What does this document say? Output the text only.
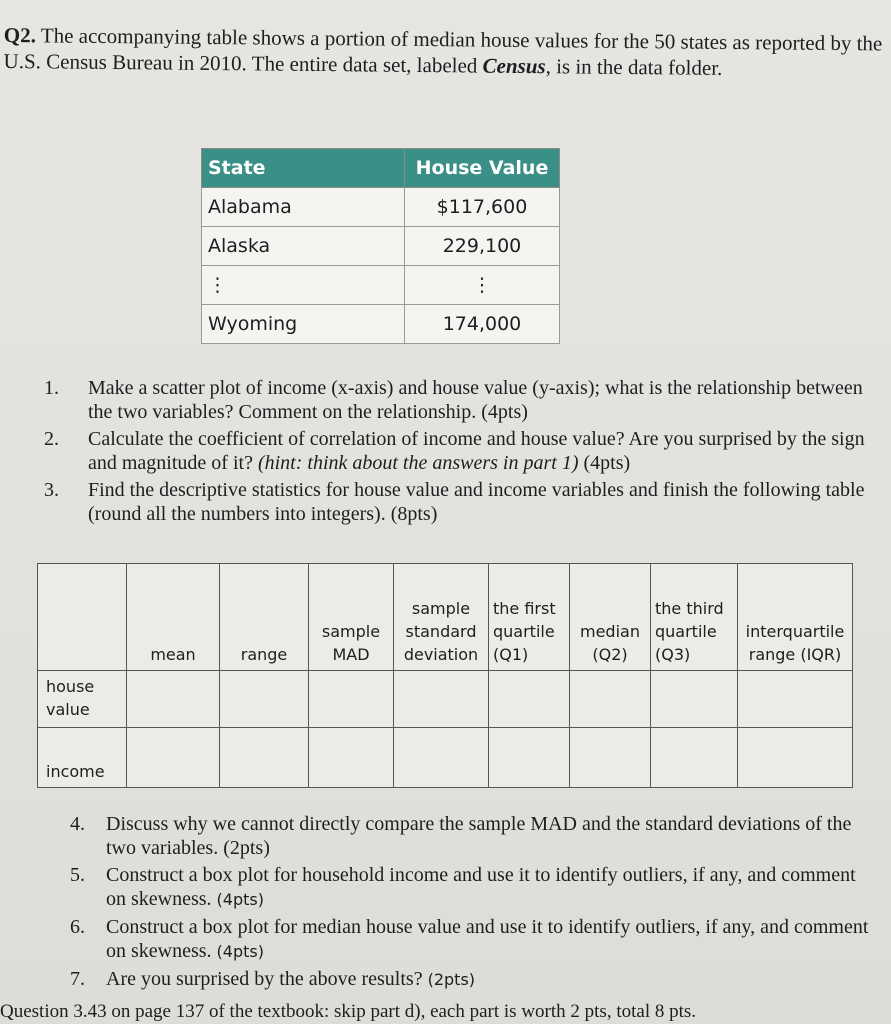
Q2. The accompanying table shows a portion of median house values for the 50 states as reported by the U.S. Census Bureau in 2010. The entire data set, labeled Census, is in the data folder.
State	House Value
Alabama	$117,600
Alaska	229,100
⋮	⋮
Wyoming	174,000
1.	Make a scatter plot of income (x-axis) and house value (y-axis); what is the relationship between the two variables? Comment on the relationship. (4pts)
2.	Calculate the coefficient of correlation of income and house value? Are you surprised by the sign and magnitude of it? (hint: think about the answers in part 1) (4pts)
3.	Find the descriptive statistics for house value and income variables and finish the following table (round all the numbers into integers). (8pts)
	mean	range	sample MAD	sample standard deviation	the first quartile (Q1)	median (Q2)	the third quartile (Q3)	interquartile range (IQR)
house value								
income								
4.	Discuss why we cannot directly compare the sample MAD and the standard deviations of the two variables. (2pts)
5.	Construct a box plot for household income and use it to identify outliers, if any, and comment on skewness. (4pts)
6.	Construct a box plot for median house value and use it to identify outliers, if any, and comment on skewness. (4pts)
7.	Are you surprised by the above results? (2pts)
Question 3.43 on page 137 of the textbook: skip part d), each part is worth 2 pts, total 8 pts.
